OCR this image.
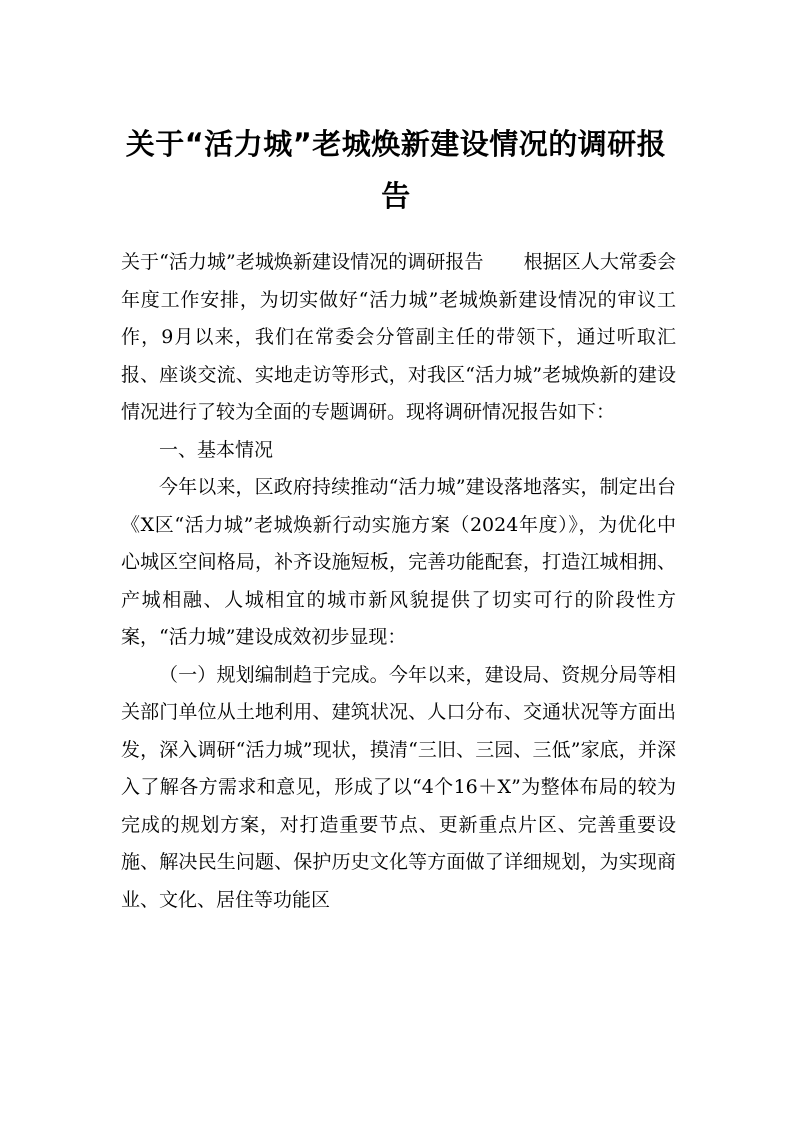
关于“活力城”老城焕新建设情况的调研报告

关于“活力城”老城焕新建设情况的调研报告 根据区人大常委会年度工作安排，为切实做好“活力城”老城焕新建设情况的审议工作，9月以来，我们在常委会分管副主任的带领下，通过听取汇报、座谈交流、实地走访等形式，对我区“活力城”老城焕新的建设情况进行了较为全面的专题调研。现将调研情况报告如下：

一、基本情况

今年以来，区政府持续推动“活力城”建设落地落实，制定出台《X区“活力城”老城焕新行动实施方案（2024年度）》，为优化中心城区空间格局，补齐设施短板，完善功能配套，打造江城相拥、产城相融、人城相宜的城市新风貌提供了切实可行的阶段性方案，“活力城”建设成效初步显现：

（一）规划编制趋于完成。今年以来，建设局、资规分局等相关部门单位从土地利用、建筑状况、人口分布、交通状况等方面出发，深入调研“活力城”现状，摸清“三旧、三园、三低”家底，并深入了解各方需求和意见，形成了以“4个16＋X”为整体布局的较为完成的规划方案，对打造重要节点、更新重点片区、完善重要设施、解决民生问题、保护历史文化等方面做了详细规划，为实现商业、文化、居住等功能区
